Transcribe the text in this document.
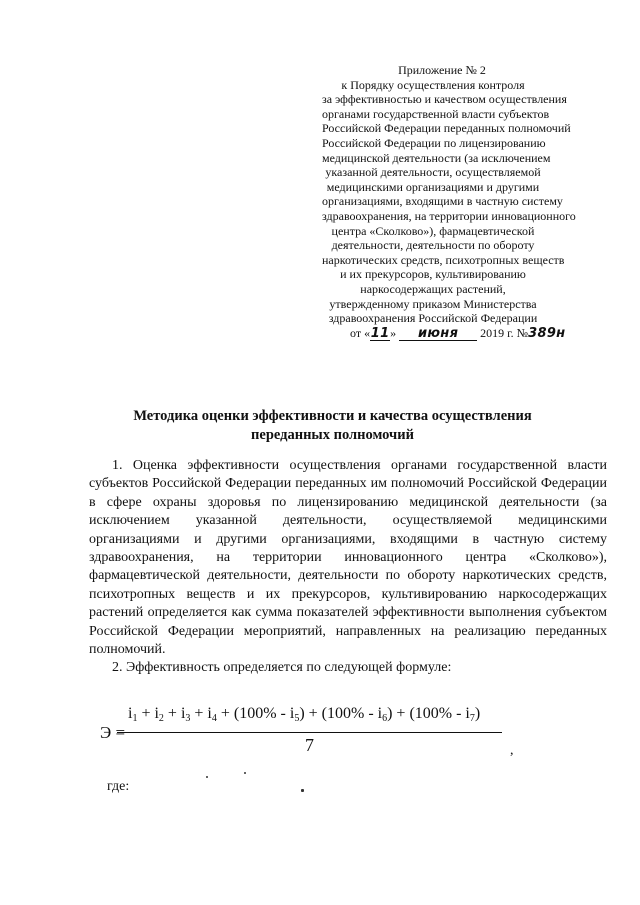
Приложение № 2
к Порядку осуществления контроля
за эффективностью и качеством осуществления
органами государственной власти субъектов
Российской Федерации переданных полномочий
Российской Федерации по лицензированию
медицинской деятельности (за исключением
указанной деятельности, осуществляемой
медицинскими организациями и другими
организациями, входящими в частную систему
здравоохранения, на территории инновационного
центра «Сколково»), фармацевтической
деятельности, деятельности по обороту
наркотических средств, психотропных веществ
и их прекурсоров, культивированию
наркосодержащих растений,
утвержденному приказом Министерства
здравоохранения Российской Федерации
от «11» июня 2019 г. №389н
Методика оценки эффективности и качества осуществления
переданных полномочий

1. Оценка эффективности осуществления органами государственной власти субъектов Российской Федерации переданных им полномочий Российской Федерации в сфере охраны здоровья по лицензированию медицинской деятельности (за исключением указанной деятельности, осуществляемой медицинскими организациями и другими организациями, входящими в частную систему здравоохранения, на территории инновационного центра «Сколково»), фармацевтической деятельности, деятельности по обороту наркотических средств, психотропных веществ и их прекурсоров, культивированию наркосодержащих растений определяется как сумма показателей эффективности выполнения субъектом Российской Федерации мероприятий, направленных на реализацию переданных полномочий.

2. Эффективность определяется по следующей формуле:

Э =
$i_1 + i_2 + i_3 + i_4 + (100\% - i_5) + (100\% - i_6) + (100\% - i_7)$
7	,
где:
